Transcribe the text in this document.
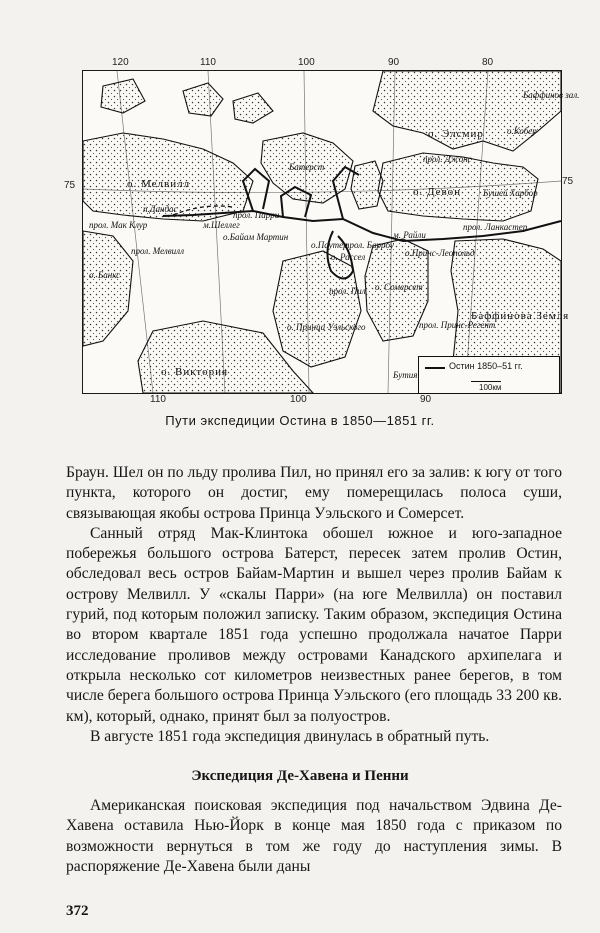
120	110	100	90	80
110	100	90
75	75
о. Элсмир
прол. Джонс
о.Кобер
о. Девон
Батерст
о. Мелвилл
п.Дандас
о.Байам Мартин
о.Паутер
прол. Барроу
м. Райли
о. Рассел	о.Принс-Леопольд
прол. Ланкастер
Бушей Харбор
о. Принца Уэльского
о. Сомерсет
Баффинова Земля
прол. Мелвилл
о. Банкс
о. Виктория	Бутия
прол. Пил
прол. Парри
прол. Мак Клур	м.Шеллег
прол. Принс-Регент
Баффинов зал.
Остин 1850–51 гг.
100км
Пути экспедиции Остина в 1850—1851 гг.

Браун. Шел он по льду пролива Пил, но принял его за залив: к югу от того пункта, которого он достиг, ему померещилась полоса суши, связывающая якобы острова Принца Уэльского и Сомерсет.

Санный отряд Мак-Клинтока обошел южное и юго-западное побережья большого острова Батерст, пересек затем пролив Остин, обследовал весь остров Байам-Мартин и вышел через пролив Байам к острову Мелвилл. У «скалы Парри» (на юге Мелвилла) он поставил гурий, под которым положил записку. Таким образом, экспедиция Остина во втором квартале 1851 года успешно продолжала начатое Парри исследование проливов между островами Канадского архипелага и открыла несколько сот километров неизвестных ранее берегов, в том числе берега большого острова Принца Уэльского (его площадь 33 200 кв. км), который, однако, принят был за полуостров.

В августе 1851 года экспедиция двинулась в обратный путь.

Экспедиция Де-Хавена и Пенни

Американская поисковая экспедиция под начальством Эдвина Де-Хавена оставила Нью-Йорк в конце мая 1850 года с приказом по возможности вернуться в том же году до наступления зимы. В распоряжение Де-Хавена были даны

372
